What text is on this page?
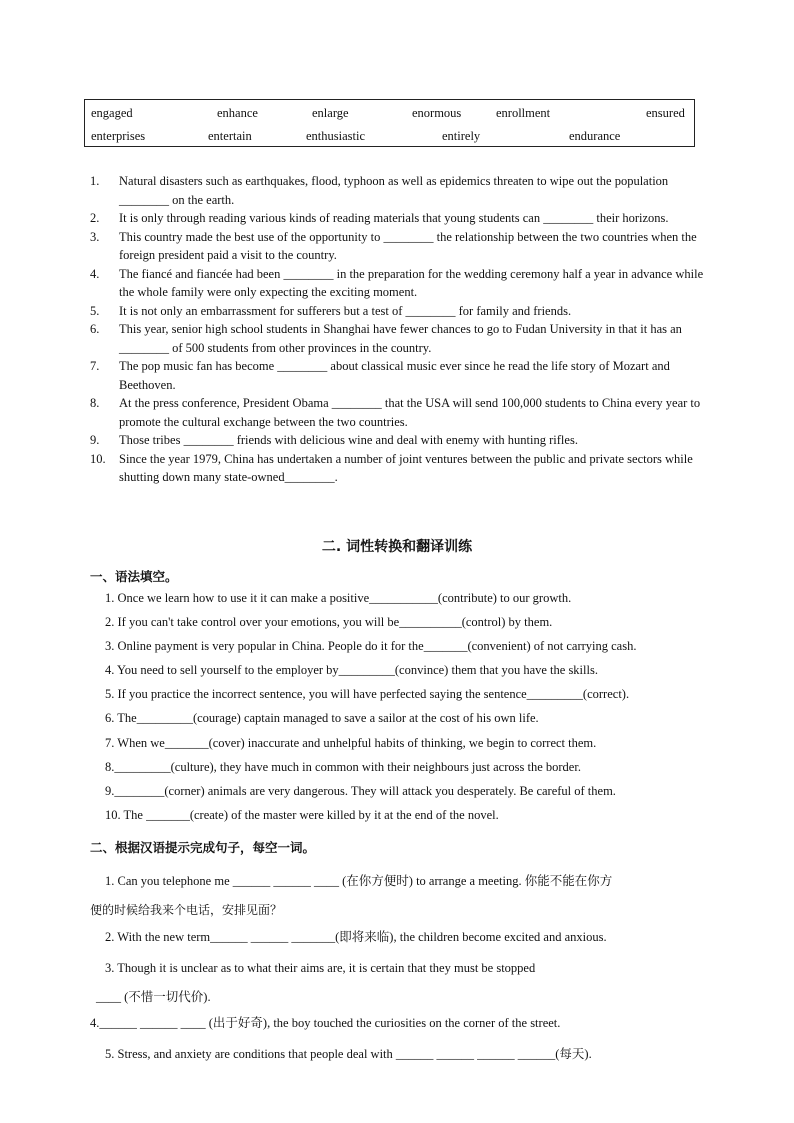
engaged	enhance	enlarge	enormous	enrollment	ensured
enterprises	entertain	enthusiastic	entirely	endurance
1.	Natural disasters such as earthquakes, flood, typhoon as well as epidemics threaten to wipe out the population ________ on the earth.
2.	It is only through reading various kinds of reading materials that young students can ________ their horizons.
3.	This country made the best use of the opportunity to ________ the relationship between the two countries when the foreign president paid a visit to the country.
4.	The fiancé and fiancée had been ________ in the preparation for the wedding ceremony half a year in advance while the whole family were only expecting the exciting moment.
5.	It is not only an embarrassment for sufferers but a test of ________ for family and friends.
6.	This year, senior high school students in Shanghai have fewer chances to go to Fudan University in that it has an ________ of 500 students from other provinces in the country.
7.	The pop music fan has become ________ about classical music ever since he read the life story of Mozart and Beethoven.
8.	At the press conference, President Obama ________ that the USA will send 100,000 students to China every year to promote the cultural exchange between the two countries.
9.	Those tribes ________ friends with delicious wine and deal with enemy with hunting rifles.
10.	Since the year 1979, China has undertaken a number of joint ventures between the public and private sectors while shutting down many state-owned________.
二. 词性转换和翻译训练
一、语法填空。
1. Once we learn how to use it it can make a positive___________(contribute) to our growth.
2. If you can't take control over your emotions, you will be__________(control) by them.
3. Online payment is very popular in China. People do it for the_______(convenient) of not carrying cash.
4. You need to sell yourself to the employer by_________(convince) them that you have the skills.
5. If you practice the incorrect sentence, you will have perfected saying the sentence_________(correct).
6. The_________(courage) captain managed to save a sailor at the cost of his own life.
7. When we_______(cover) inaccurate and unhelpful habits of thinking, we begin to correct them.
8._________(culture), they have much in common with their neighbours just across the border.
9.________(corner) animals are very dangerous. They will attack you desperately. Be careful of them.
10. The _______(create) of the master were killed by it at the end of the novel.
二、根据汉语提示完成句子，每空一词。
1. Can you telephone me ______ ______ ____ (在你方便时) to arrange a meeting. 你能不能在你方
便的时候给我来个电话，安排见面？
2. With the new term______ ______ _______(即将来临), the children become excited and anxious.
3. Though it is unclear as to what their aims are, it is certain that they must be stopped
____ (不惜一切代价).
4.______ ______ ____ (出于好奇), the boy touched the curiosities on the corner of the street.
5. Stress, and anxiety are conditions that people deal with ______ ______ ______ ______(每天).
